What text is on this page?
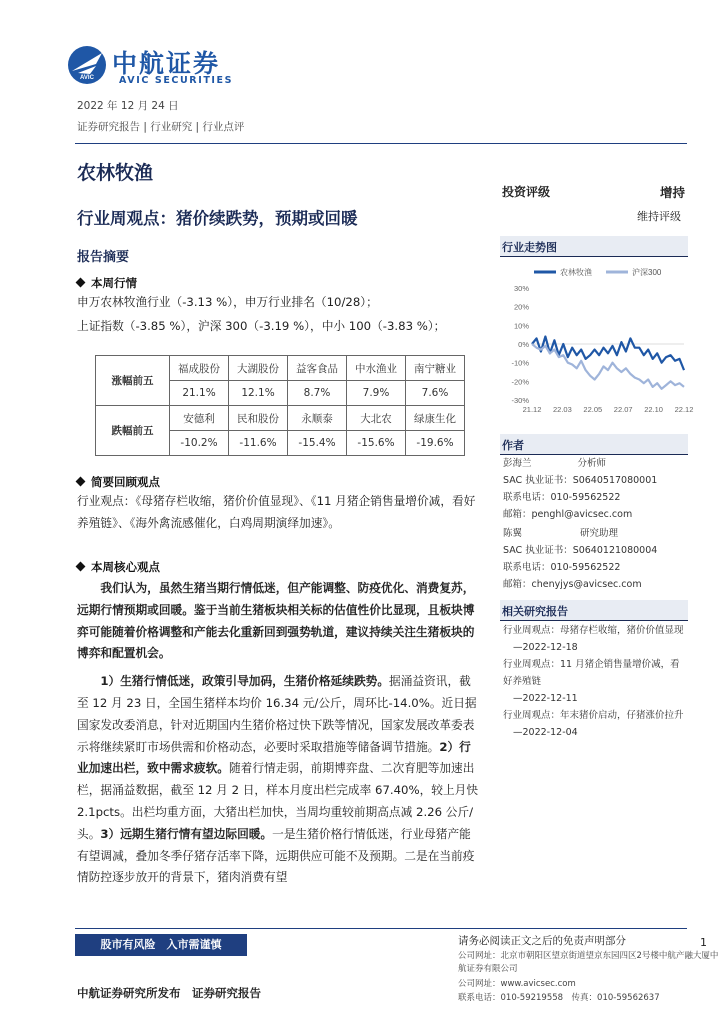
AVIC 中航证券
AVIC SECURITIES
2022 年 12 月 24 日
证券研究报告 | 行业研究 | 行业点评
农林牧渔
行业周观点：猪价续跌势，预期或回暖
报告摘要
本周行情
申万农林牧渔行业（-3.13 %），申万行业排名（10/28）；
上证指数（-3.85 %），沪深 300（-3.19 %），中小 100（-3.83 %）；
涨幅前五	福成股份	大湖股份	益客食品	中水渔业	南宁糖业
	21.1%	12.1%	8.7%	7.9%	7.6%
跌幅前五	安德利	民和股份	永顺泰	大北农	绿康生化
	-10.2%	-11.6%	-15.4%	-15.6%	-19.6%
简要回顾观点
行业观点：《母猪存栏收缩，猪价价值显现》、《11 月猪企销售量增价减，看好养殖链》、《海外禽流感催化，白鸡周期演绎加速》。
本周核心观点

我们认为，虽然生猪当期行情低迷，但产能调整、防疫优化、消费复苏，远期行情预期或回暖。鉴于当前生猪板块相关标的估值性价比显现，且板块博弈可能随着价格调整和产能去化重新回到强势轨道，建议持续关注生猪板块的博弈和配置机会。

1）生猪行情低迷，政策引导加码，生猪价格延续跌势。据涌益资讯，截至 12 月 23 日，全国生猪样本均价 16.34 元/公斤，周环比-14.0%。近日据国家发改委消息，针对近期国内生猪价格过快下跌等情况，国家发展改革委表示将继续紧盯市场供需和价格动态，必要时采取措施等储备调节措施。2）行业加速出栏，致中需求疲软。随着行情走弱，前期博弈盘、二次育肥等加速出栏，据涌益数据，截至 12 月 2 日，样本月度出栏完成率 67.40%，较上月快 2.1pcts。出栏均重方面，大猪出栏加快，当周均重较前期高点减 2.26 公斤/头。3）远期生猪行情有望边际回暖。一是生猪价格行情低迷，行业母猪产能有望调减，叠加冬季仔猪存活率下降，远期供应可能不及预期。二是在当前疫情防控逐步放开的背景下，猪肉消费有望

投资评级	增持
维持评级
行业走势图
农林牧渔	沪深300
30%
20%
10%
0%
-10%
-20%
-30%
21.12 22.03 22.05 22.07 22.10 22.12
作者
彭海兰	分析师
SAC 执业证书：S0640517080001
联系电话：010-59562522
邮箱：penghl@avicsec.com
陈翼	研究助理
SAC 执业证书：S0640121080004
联系电话：010-59562522
邮箱：chenyjys@avicsec.com
相关研究报告
行业周观点：母猪存栏收缩，猪价价值显现
—2022-12-18
行业周观点：11 月猪企销售量增价减，看好养殖链
—2022-12-11
行业周观点：年末猪价启动，仔猪涨价拉升
—2022-12-04
股市有风险　入市需谨慎	请务必阅读正文之后的免责声明部分	1
公司网址：北京市朝阳区望京街道望京东园四区2号楼中航产融大厦中
航证券有限公司
公司网址：www.avicsec.com
联系电话：010-59219558　传真：010-59562637
中航证券研究所发布　证券研究报告
